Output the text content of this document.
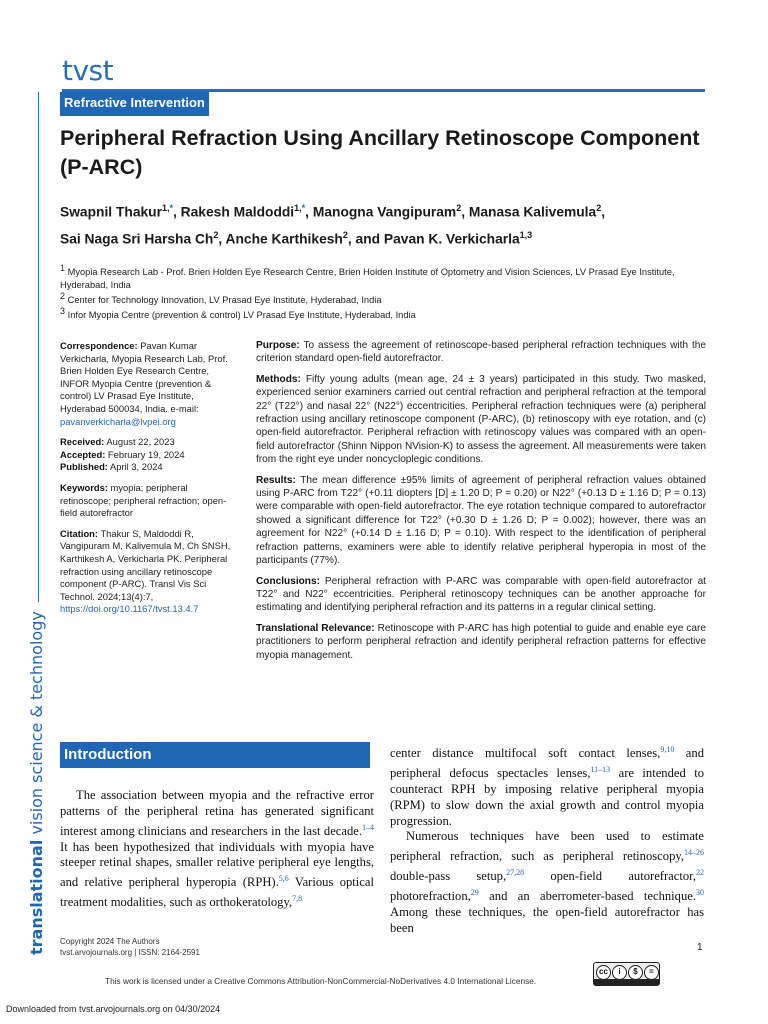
tvst
Refractive Intervention
translational vision science & technology
Peripheral Refraction Using Ancillary Retinoscope Component (P-ARC)
Swapnil Thakur$^{1,*}$, Rakesh Maldoddi$^{1,*}$, Manogna Vangipuram$^2$, Manasa Kalivemula$^2$,
Sai Naga Sri Harsha Ch$^2$, Anche Karthikesh$^2$, and Pavan K. Verkicharla$^{1,3}$
$^1$ Myopia Research Lab - Prof. Brien Holden Eye Research Centre, Brien Holden Institute of Optometry and Vision Sciences, LV Prasad Eye Institute, Hyderabad, India
$^2$ Center for Technology Innovation, LV Prasad Eye Institute, Hyderabad, India
$^3$ Infor Myopia Centre (prevention & control) LV Prasad Eye Institute, Hyderabad, India

Correspondence: Pavan Kumar Verkicharla, Myopia Research Lab, Prof. Brien Holden Eye Research Centre, INFOR Myopia Centre (prevention & control) LV Prasad Eye Institute, Hyderabad 500034, India. e-mail: pavanverkicharla@lvpei.org

Received: August 22, 2023
Accepted: February 19, 2024
Published: April 3, 2024

Keywords: myopia; peripheral retinoscope; peripheral refraction; open-field autorefractor

Citation: Thakur S, Maldoddi R, Vangipuram M, Kalivemula M, Ch SNSH, Karthikesh A, Verkicharla PK. Peripheral refraction using ancillary retinoscope component (P-ARC). Transl Vis Sci Technol. 2024;13(4):7,
https://doi.org/10.1167/tvst.13.4.7

Purpose: To assess the agreement of retinoscope-based peripheral refraction techniques with the criterion standard open-field autorefractor.

Methods: Fifty young adults (mean age, 24 ± 3 years) participated in this study. Two masked, experienced senior examiners carried out central refraction and peripheral refraction at the temporal 22° (T22°) and nasal 22° (N22°) eccentricities. Peripheral refraction techniques were (a) peripheral refraction using ancillary retinoscope component (P-ARC), (b) retinoscopy with eye rotation, and (c) open-field autorefractor. Peripheral refraction with retinoscopy values was compared with an open-field autorefractor (Shinn Nippon NVision-K) to assess the agreement. All measurements were taken from the right eye under noncycloplegic conditions.

Results: The mean difference ±95% limits of agreement of peripheral refraction values obtained using P-ARC from T22° (+0.11 diopters [D] ± 1.20 D; P = 0.20) or N22° (+0.13 D ± 1.16 D; P = 0.13) were comparable with open-field autorefractor. The eye rotation technique compared to autorefractor showed a significant difference for T22° (+0.30 D ± 1.26 D; P = 0.002); however, there was an agreement for N22° (+0.14 D ± 1.16 D; P = 0.10). With respect to the identification of peripheral refraction patterns, examiners were able to identify relative peripheral hyperopia in most of the participants (77%).

Conclusions: Peripheral refraction with P-ARC was comparable with open-field autorefractor at T22° and N22° eccentricities. Peripheral retinoscopy techniques can be another approache for estimating and identifying peripheral refraction and its patterns in a regular clinical setting.

Translational Relevance: Retinoscope with P-ARC has high potential to guide and enable eye care practitioners to perform peripheral refraction and identify peripheral refraction patterns for effective myopia management.

Introduction

The association between myopia and the refractive error patterns of the peripheral retina has generated significant interest among clinicians and researchers in the last decade.$^{1-4}$ It has been hypothesized that individuals with myopia have steeper retinal shapes, smaller relative peripheral eye lengths, and relative peripheral hyperopia (RPH).$^{5,6}$ Various optical treatment modalities, such as orthokeratology,$^{7,8}$

center distance multifocal soft contact lenses,$^{9,10}$ and peripheral defocus spectacles lenses,$^{11-13}$ are intended to counteract RPH by imposing relative peripheral myopia (RPM) to slow down the axial growth and control myopia progression.

Numerous techniques have been used to estimate peripheral refraction, such as peripheral retinoscopy,$^{14-26}$ double-pass setup,$^{27,28}$ open-field autorefractor,$^{22}$ photorefraction,$^{29}$ and an aberrometer-based technique.$^{30}$ Among these techniques, the open-field autorefractor has been

Copyright 2024 The Authors
tvst.arvojournals.org | ISSN: 2164-2591	1
This work is licensed under a Creative Commons Attribution-NonCommercial-NoDerivatives 4.0 International License.
cc	i	$	=
Downloaded from tvst.arvojournals.org on 04/30/2024
